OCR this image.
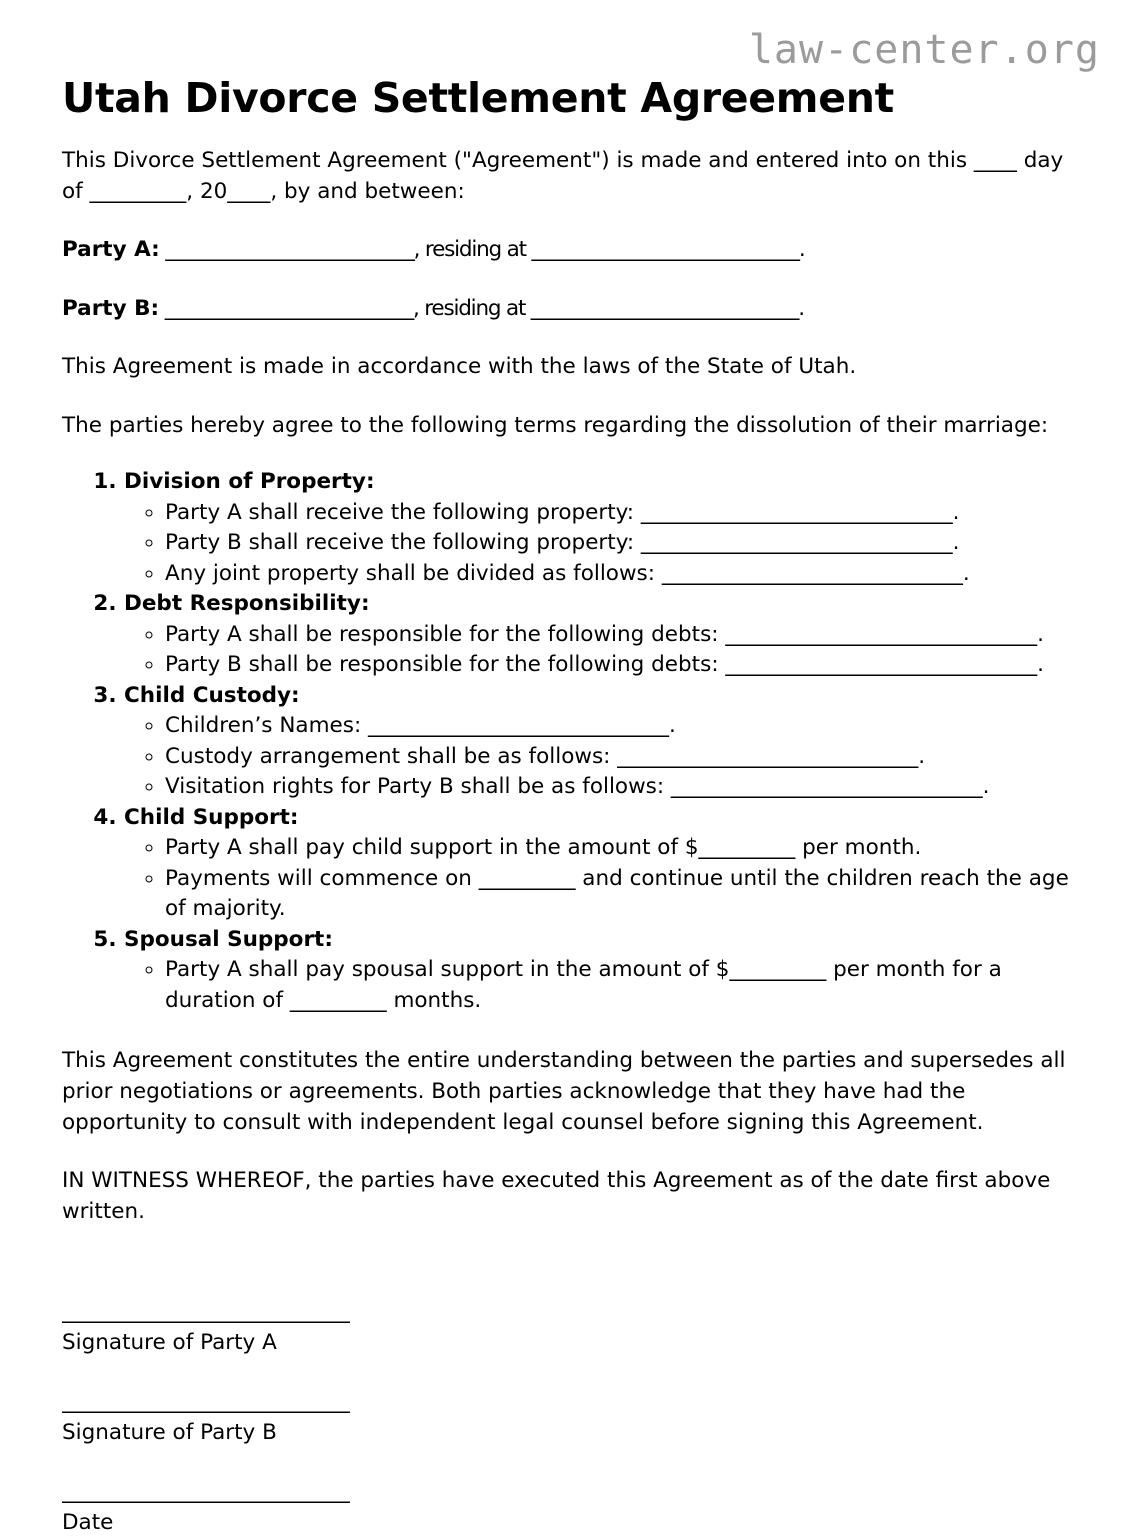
law-center.org
Utah Divorce Settlement Agreement

This Divorce Settlement Agreement ("Agreement") is made and entered into on this ____ day of _________, 20____, by and between:

Party A: __________________________, residing at ____________________________.

Party B: __________________________, residing at ____________________________.

This Agreement is made in accordance with the laws of the State of Utah.

The parties hereby agree to the following terms regarding the dissolution of their marriage:

1. Division of Property:
◦ Party A shall receive the following property: _____________________________.
◦ Party B shall receive the following property: _____________________________.
◦ Any joint property shall be divided as follows: ____________________________.
2. Debt Responsibility:
◦ Party A shall be responsible for the following debts: _____________________________.
◦ Party B shall be responsible for the following debts: _____________________________.
3. Child Custody:
◦ Children’s Names: ____________________________.
◦ Custody arrangement shall be as follows: ____________________________.
◦ Visitation rights for Party B shall be as follows: _____________________________.
4. Child Support:
◦ Party A shall pay child support in the amount of $_________ per month.
◦ Payments will commence on _________ and continue until the children reach the age of majority.
5. Spousal Support:
◦ Party A shall pay spousal support in the amount of $_________ per month for a duration of _________ months.

This Agreement constitutes the entire understanding between the parties and supersedes all prior negotiations or agreements. Both parties acknowledge that they have had the opportunity to consult with independent legal counsel before signing this Agreement.

IN WITNESS WHEREOF, the parties have executed this Agreement as of the date first above written.

______________________________
Signature of Party A
______________________________
Signature of Party B
______________________________
Date
